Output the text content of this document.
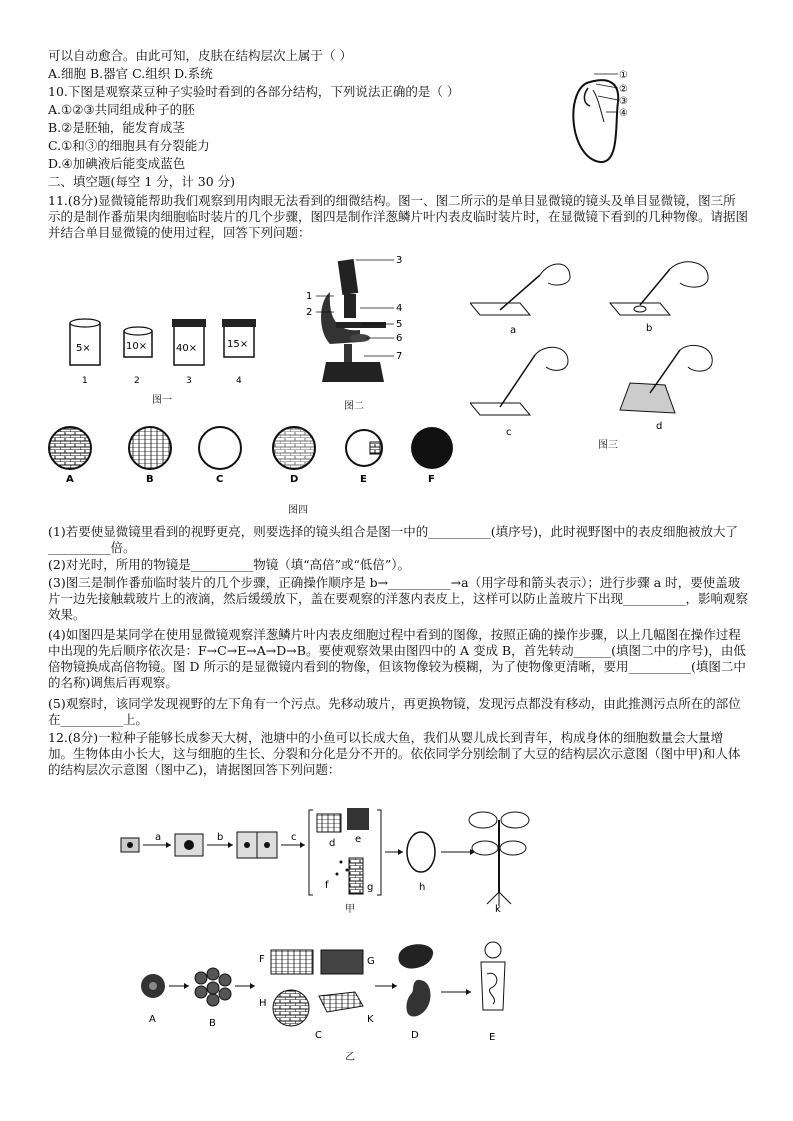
可以自动愈合。由此可知，皮肤在结构层次上属于（ ）
A.细胞 B.器官 C.组织 D.系统
10.下图是观察菜豆种子实验时看到的各部分结构，下列说法正确的是（ ）
A.①②③共同组成种子的胚
B.②是胚轴，能发育成茎
C.①和③的细胞具有分裂能力
D.④加碘液后能变成蓝色
二、填空题(每空 1 分，计 30 分)
11.(8分)显微镜能帮助我们观察到用肉眼无法看到的细微结构。图一、图二所示的是单目显微镜的镜头及单目显微镜，图三所示的是制作番茄果肉细胞临时装片的几个步骤，图四是制作洋葱鳞片叶内表皮临时装片时，在显微镜下看到的几种物像。请据图并结合单目显微镜的使用过程，回答下列问题：
①
②
③
④
5×
1
10×
2
40×
3
15×
4
图一
3
1
2	4
5
6
7
图二
a	b
c
d
图三
A	B	C	D	E	F
图四
(1)若要使显微镜里看到的视野更亮，则要选择的镜头组合是图一中的__________(填序号)，此时视野图中的表皮细胞被放大了__________倍。
(2)对光时，所用的物镜是__________物镜（填“高倍”或“低倍”）。
(3)图三是制作番茄临时装片的几个步骤，正确操作顺序是 b→__________→a（用字母和箭头表示）；进行步骤 a 时，要使盖玻片一边先接触载玻片上的液滴，然后缓缓放下，盖在要观察的洋葱内表皮上，这样可以防止盖玻片下出现__________，影响观察效果。
(4)如图四是某同学在使用显微镜观察洋葱鳞片叶内表皮细胞过程中看到的图像，按照正确的操作步骤，以上几幅图在操作过程中出现的先后顺序依次是：F→C→E→A→D→B。要使观察效果由图四中的 A 变成 B，首先转动______(填图二中的序号)，由低倍物镜换成高倍物镜。图 D 所示的是显微镜内看到的物像，但该物像较为模糊，为了使物像更清晰，要用__________(填图二中的名称)调焦后再观察。
(5)观察时，该同学发现视野的左下角有一个污点。先移动玻片，再更换物镜，发现污点都没有移动，由此推测污点所在的部位在__________上。
12.(8分)一粒种子能够长成参天大树，池塘中的小鱼可以长成大鱼，我们从婴儿成长到青年，构成身体的细胞数量会大量增加。生物体由小长大，这与细胞的生长、分裂和分化是分不开的。依依同学分别绘制了大豆的结构层次示意图（图中甲)和人体的结构层次示意图（图中乙)，请据图回答下列问题：
a	b	c
d e
f	g	h
k
甲
A	B
F	G
H
C
K
D	E
乙
